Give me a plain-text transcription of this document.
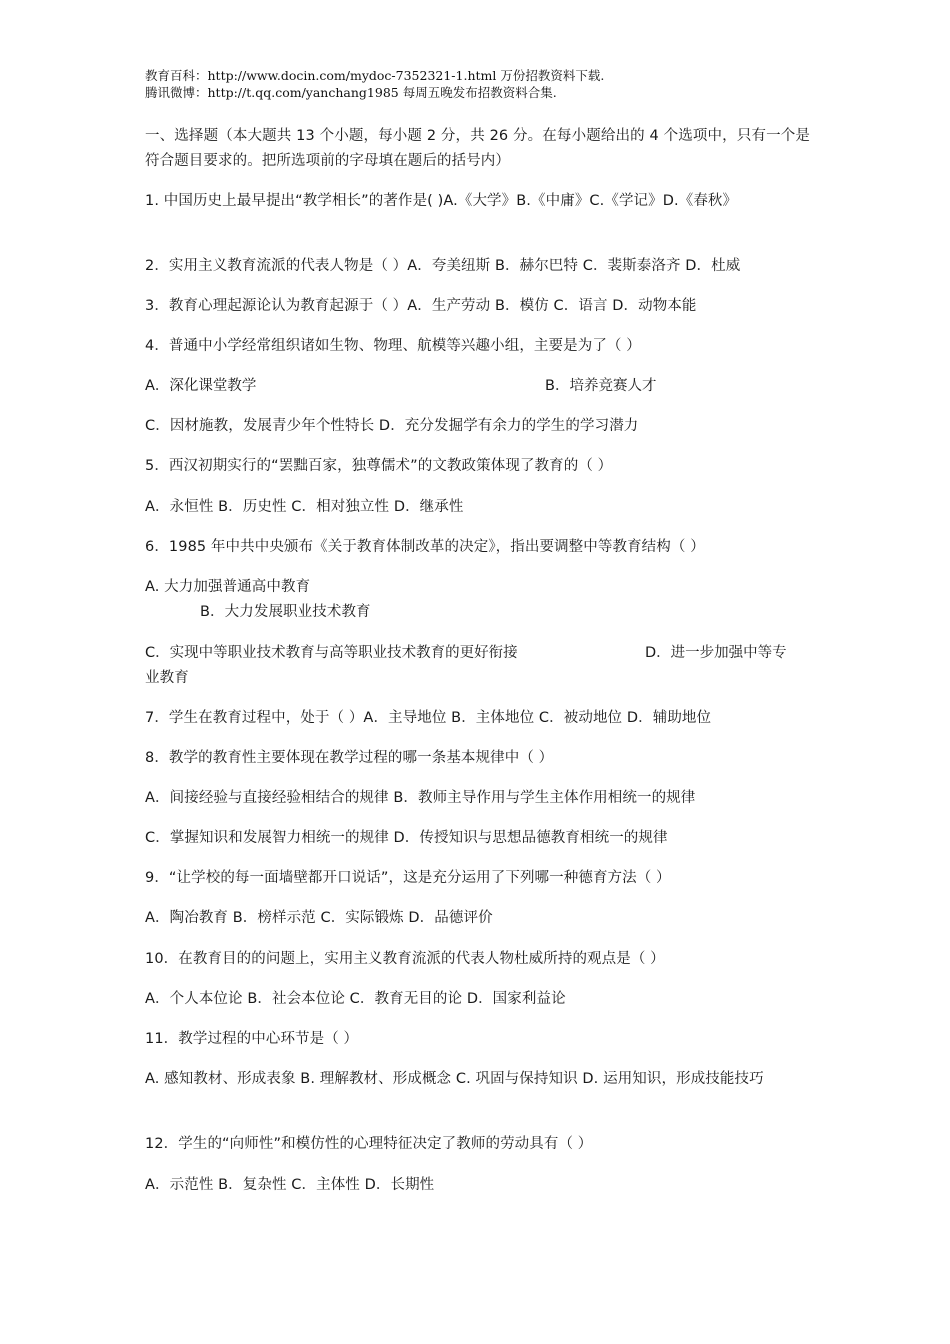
教育百科：http://www.docin.com/mydoc-7352321-1.html 万份招教资料下载.
腾讯微博：http://t.qq.com/yanchang1985 每周五晚发布招教资料合集.

一、选择题（本大题共 13 个小题，每小题 2 分，共 26 分。在每小题给出的 4 个选项中，只有一个是符合题目要求的。把所选项前的字母填在题后的括号内）

1. 中国历史上最早提出“教学相长”的著作是( )A.《大学》B.《中庸》C.《学记》D.《春秋》

2．实用主义教育流派的代表人物是（ ）A．夸美纽斯 B．赫尔巴特 C．裴斯泰洛齐 D．杜威

3．教育心理起源论认为教育起源于（ ）A．生产劳动 B．模仿 C．语言 D．动物本能

4．普通中小学经常组织诸如生物、物理、航模等兴趣小组，主要是为了（ ）

A．深化课堂教学	B．培养竞赛人才

C．因材施教，发展青少年个性特长 D．充分发掘学有余力的学生的学习潜力

5．西汉初期实行的“罢黜百家，独尊儒术”的文教政策体现了教育的（ ）

A．永恒性 B．历史性 C．相对独立性 D．继承性

6．1985 年中共中央颁布《关于教育体制改革的决定》，指出要调整中等教育结构（ ）

A. 大力加强普通高中教育

B．大力发展职业技术教育

C．实现中等职业技术教育与高等职业技术教育的更好衔接	D．进一步加强中等专

业教育

7．学生在教育过程中，处于（ ）A．主导地位 B．主体地位 C．被动地位 D．辅助地位

8．教学的教育性主要体现在教学过程的哪一条基本规律中（ ）

A．间接经验与直接经验相结合的规律 B．教师主导作用与学生主体作用相统一的规律

C．掌握知识和发展智力相统一的规律 D．传授知识与思想品德教育相统一的规律

9．“让学校的每一面墙壁都开口说话”，这是充分运用了下列哪一种德育方法（ ）

A．陶冶教育 B．榜样示范 C．实际锻炼 D．品德评价

10．在教育目的的问题上，实用主义教育流派的代表人物杜威所持的观点是（ ）

A．个人本位论 B．社会本位论 C．教育无目的论 D．国家利益论

11．教学过程的中心环节是（ ）

A. 感知教材、形成表象 B. 理解教材、形成概念 C. 巩固与保持知识 D. 运用知识，形成技能技巧

12．学生的“向师性”和模仿性的心理特征决定了教师的劳动具有（ ）

A．示范性 B．复杂性 C．主体性 D．长期性
